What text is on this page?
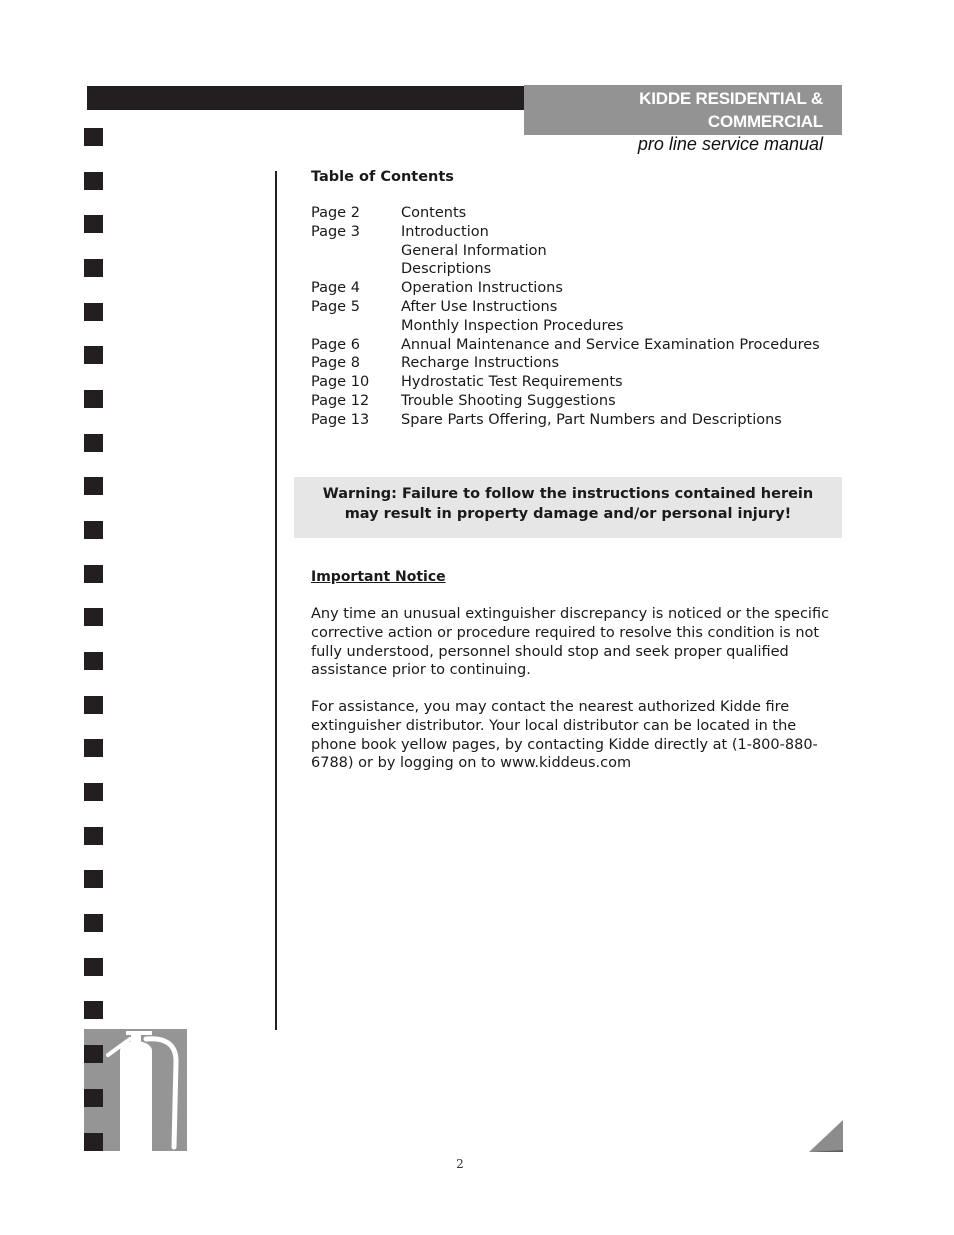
KIDDE RESIDENTIAL & COMMERCIAL
pro line service manual
Table of Contents
Page 2	Contents
Page 3	Introduction
General Information
Descriptions
Page 4	Operation Instructions
Page 5	After Use Instructions
Monthly Inspection Procedures
Page 6	Annual Maintenance and Service Examination Procedures
Page 8	Recharge Instructions
Page 10	Hydrostatic Test Requirements
Page 12	Trouble Shooting Suggestions
Page 13	Spare Parts Offering, Part Numbers and Descriptions
Warning: Failure to follow the instructions contained herein
may result in property damage and/or personal injury!
Important Notice
Any time an unusual extinguisher discrepancy is noticed or the specific
corrective action or procedure required to resolve this condition is not
fully understood, personnel should stop and seek proper qualified
assistance prior to continuing.
For assistance, you may contact the nearest authorized Kidde fire
extinguisher distributor. Your local distributor can be located in the
phone book yellow pages, by contacting Kidde directly at (1-800-880-
6788) or by logging on to www.kiddeus.com
2
